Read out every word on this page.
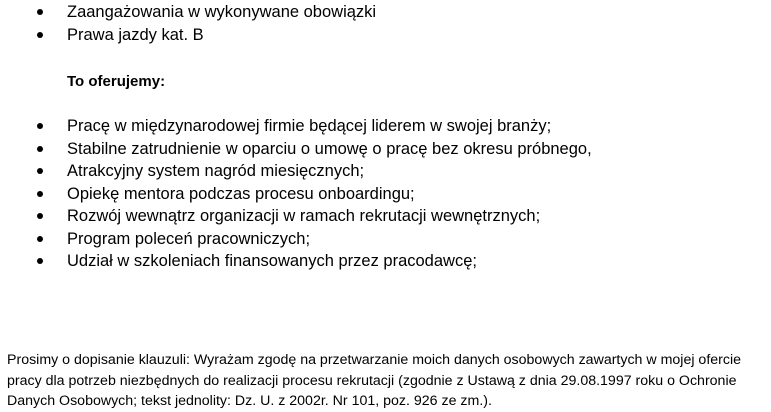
Zaangażowania w wykonywane obowiązki
Prawa jazdy kat. B
To oferujemy:
Pracę w międzynarodowej firmie będącej liderem w swojej branży;
Stabilne zatrudnienie w oparciu o umowę o pracę bez okresu próbnego,
Atrakcyjny system nagród miesięcznych;
Opiekę mentora podczas procesu onboardingu;
Rozwój wewnątrz organizacji w ramach rekrutacji wewnętrznych;
Program poleceń pracowniczych;
Udział w szkoleniach finansowanych przez pracodawcę;

Prosimy o dopisanie klauzuli: Wyrażam zgodę na przetwarzanie moich danych osobowych zawartych w mojej ofercie pracy dla potrzeb niezbędnych do realizacji procesu rekrutacji (zgodnie z Ustawą z dnia 29.08.1997 roku o Ochronie Danych Osobowych; tekst jednolity: Dz. U. z 2002r. Nr 101, poz. 926 ze zm.).
